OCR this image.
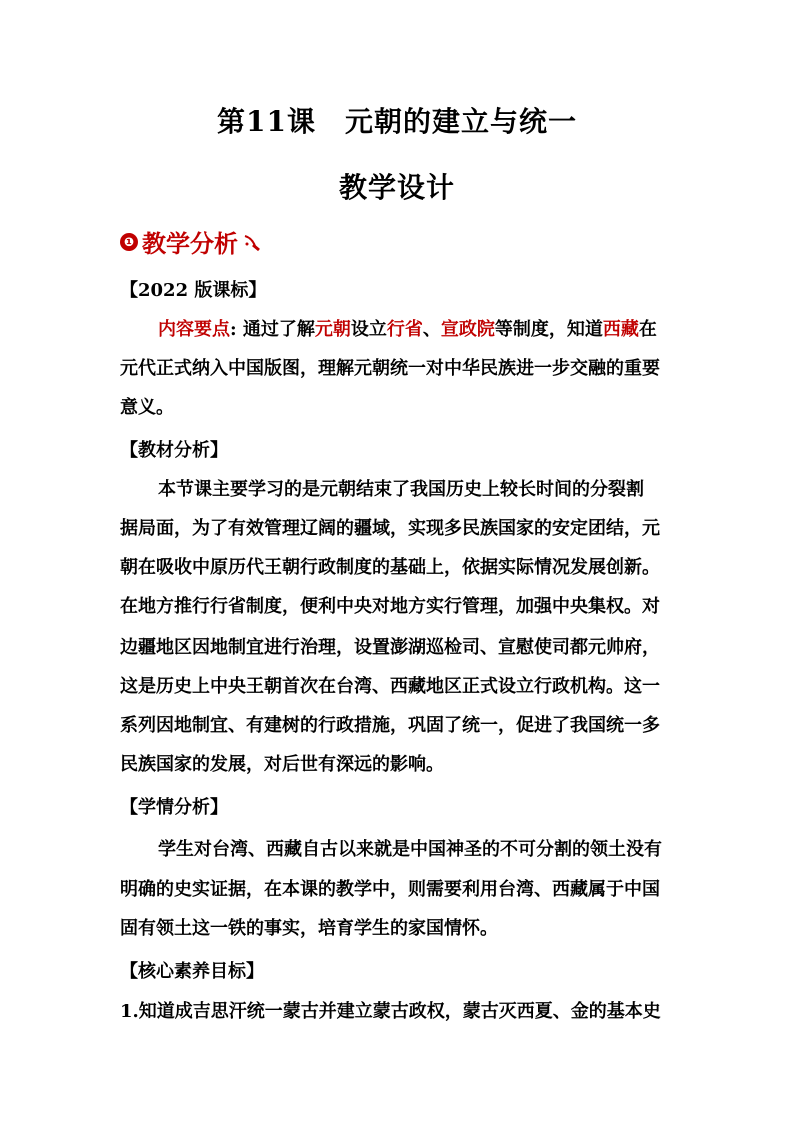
第11课　元朝的建立与统一
教学设计
❶ 教学分析
【2022 版课标】
内容要点: 通过了解元朝设立行省、宣政院等制度，知道西藏在
元代正式纳入中国版图，理解元朝统一对中华民族进一步交融的重要
意义。
【教材分析】
本节课主要学习的是元朝结束了我国历史上较长时间的分裂割
据局面，为了有效管理辽阔的疆域，实现多民族国家的安定团结，元
朝在吸收中原历代王朝行政制度的基础上，依据实际情况发展创新。
在地方推行行省制度，便利中央对地方实行管理，加强中央集权。对
边疆地区因地制宜进行治理，设置澎湖巡检司、宣慰使司都元帅府，
这是历史上中央王朝首次在台湾、西藏地区正式设立行政机构。这一
系列因地制宜、有建树的行政措施，巩固了统一，促进了我国统一多
民族国家的发展，对后世有深远的影响。
【学情分析】
学生对台湾、西藏自古以来就是中国神圣的不可分割的领土没有
明确的史实证据，在本课的教学中，则需要利用台湾、西藏属于中国
固有领土这一铁的事实，培育学生的家国情怀。
【核心素养目标】
1.知道成吉思汗统一蒙古并建立蒙古政权，蒙古灭西夏、金的基本史
